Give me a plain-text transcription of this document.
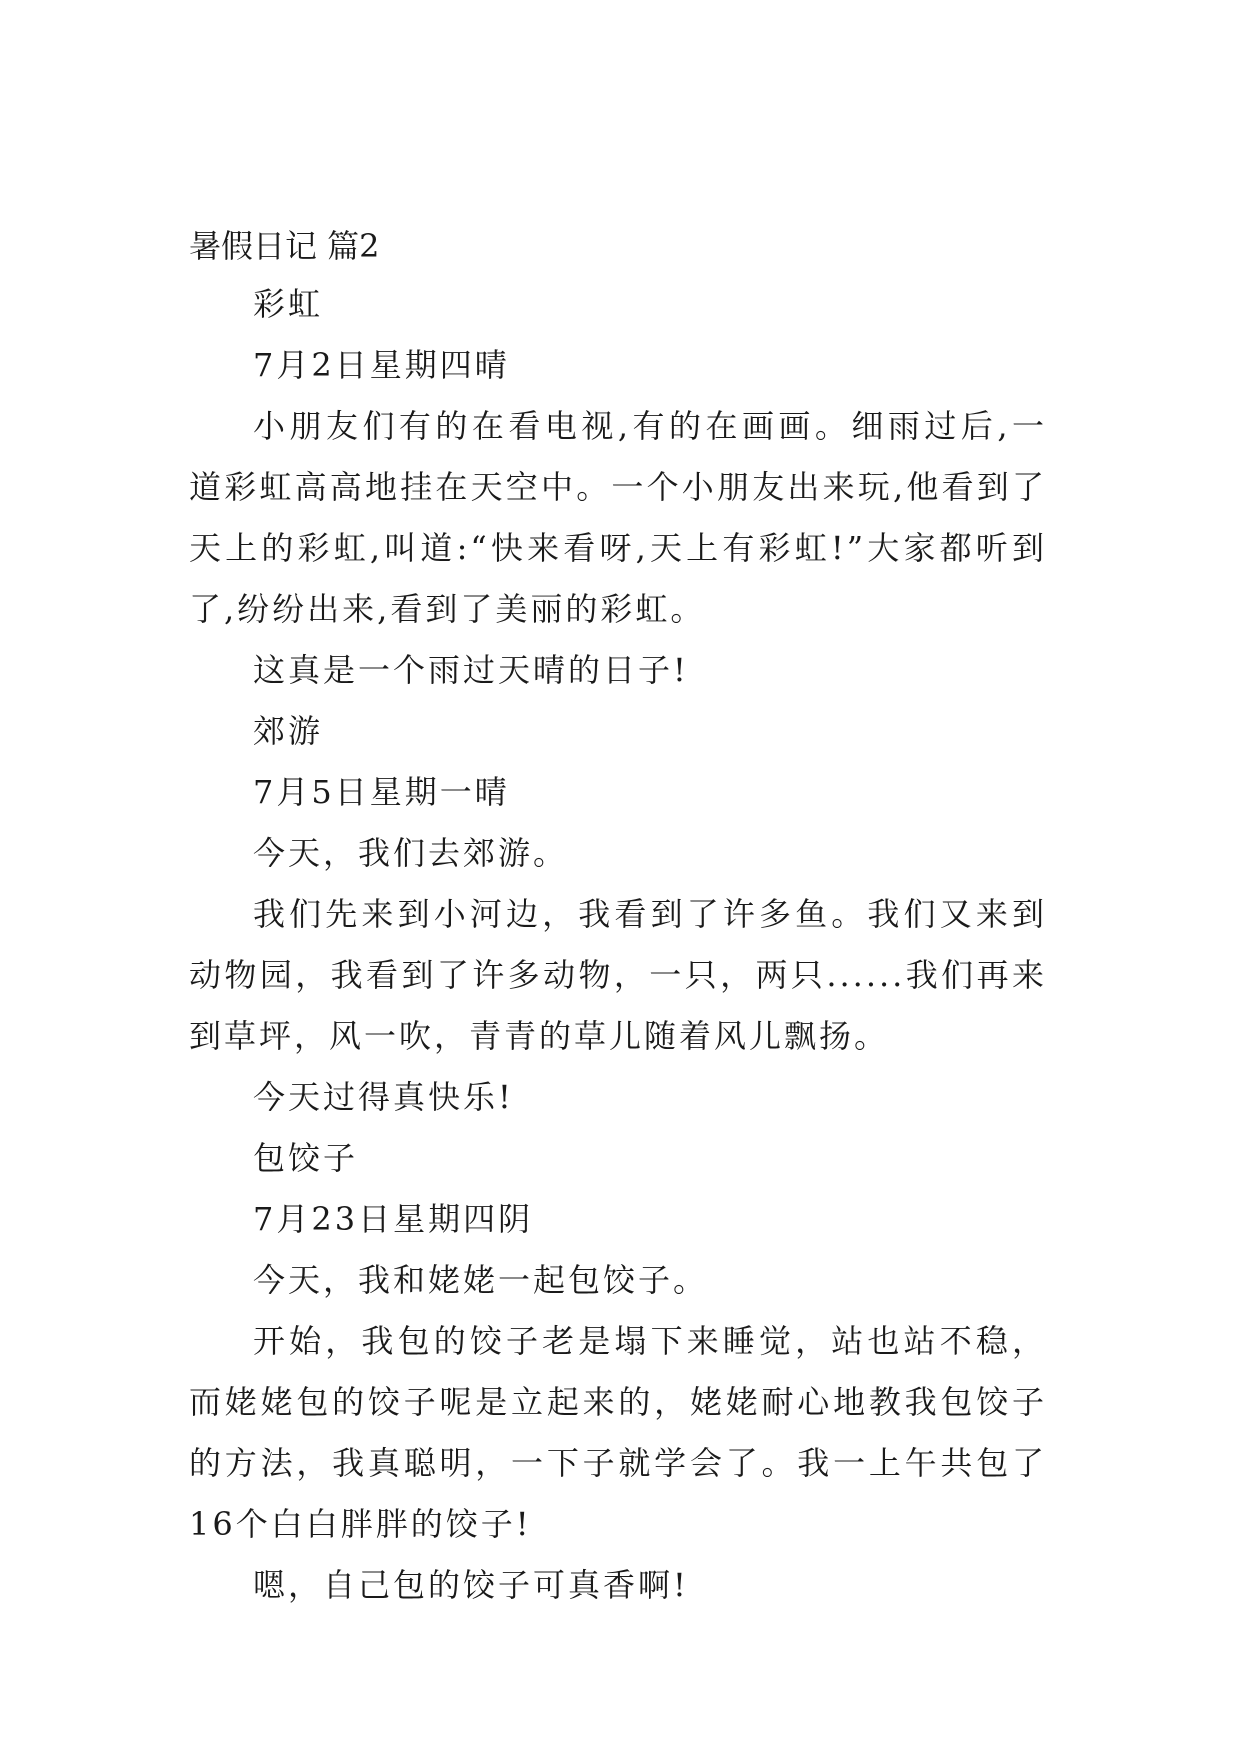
暑假日记 篇2

彩虹

7月2日星期四晴

小朋友们有的在看电视,有的在画画。细雨过后,一道彩虹高高地挂在天空中。一个小朋友出来玩,他看到了天上的彩虹,叫道:“快来看呀,天上有彩虹!”大家都听到了,纷纷出来,看到了美丽的彩虹。

这真是一个雨过天晴的日子!

郊游

7月5日星期一晴

今天，我们去郊游。

我们先来到小河边，我看到了许多鱼。我们又来到动物园，我看到了许多动物，一只，两只......我们再来到草坪，风一吹，青青的草儿随着风儿飘扬。

今天过得真快乐!

包饺子

7月23日星期四阴

今天，我和姥姥一起包饺子。

开始，我包的饺子老是塌下来睡觉，站也站不稳，而姥姥包的饺子呢是立起来的，姥姥耐心地教我包饺子的方法，我真聪明，一下子就学会了。我一上午共包了16个白白胖胖的饺子!

嗯，自己包的饺子可真香啊!
